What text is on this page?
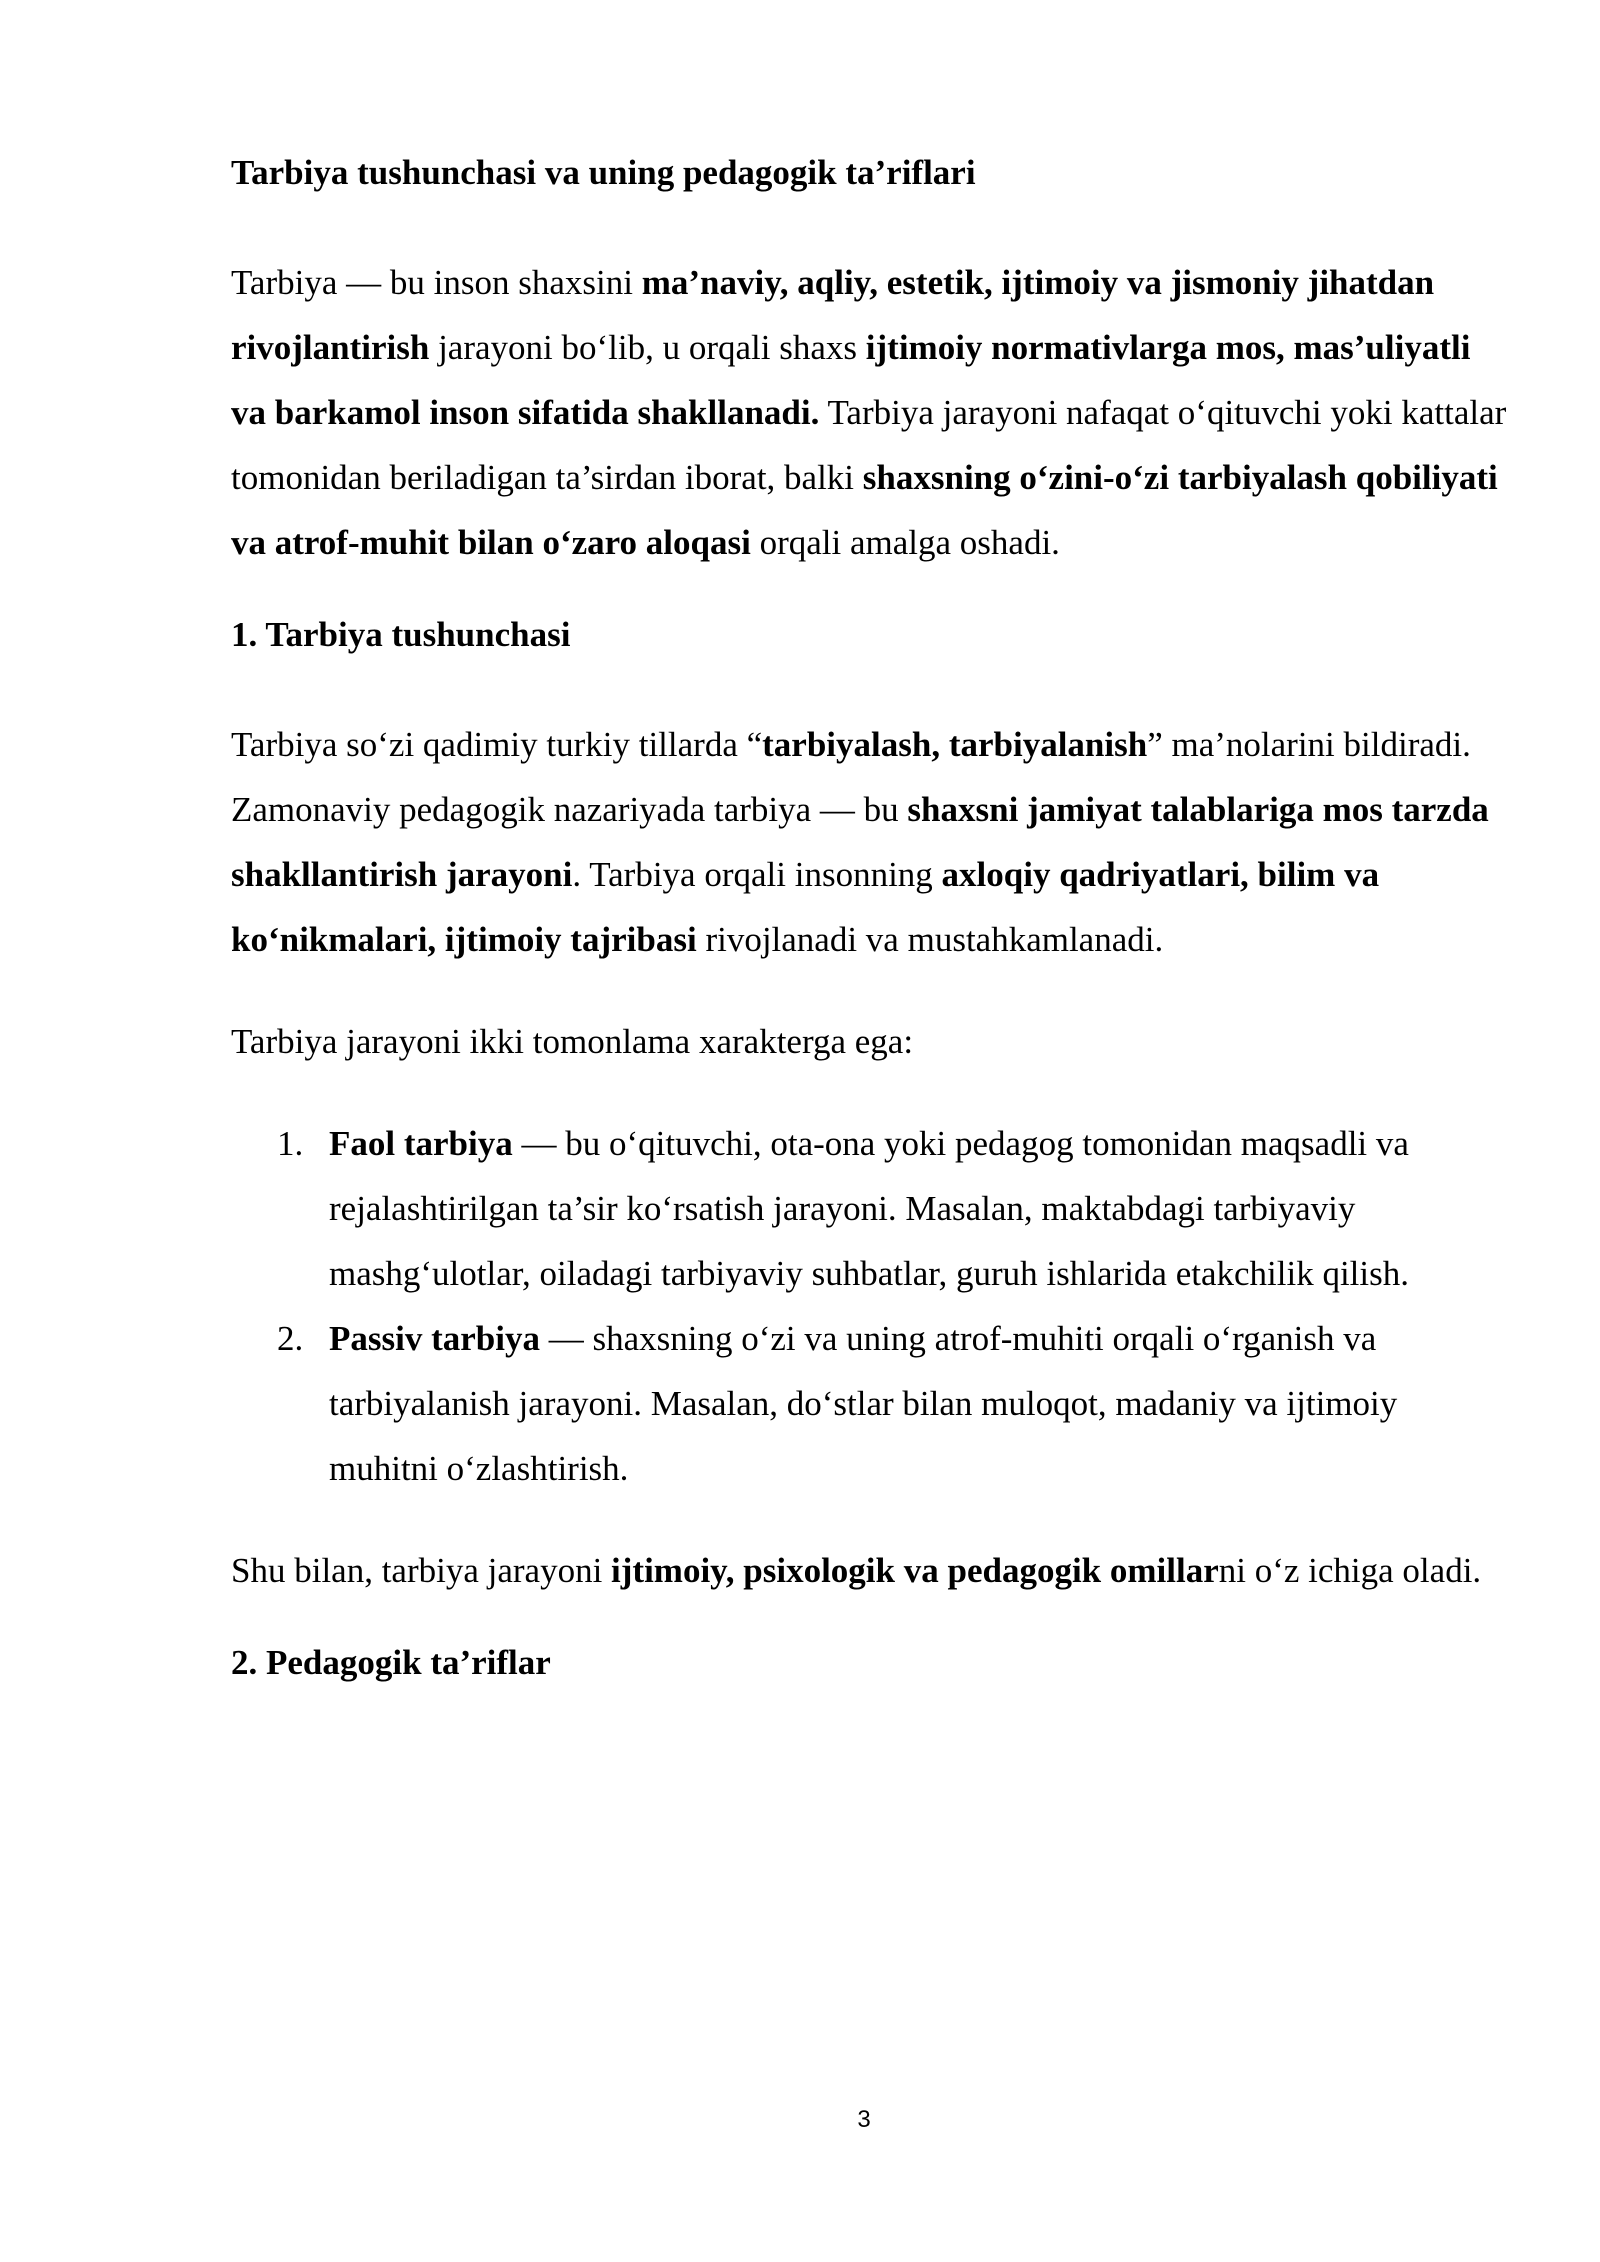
Tarbiya tushunchasi va uning pedagogik ta’riflari

Tarbiya — bu inson shaxsini ma’naviy, aqliy, estetik, ijtimoiy va jismoniy jihatdan rivojlantirish jarayoni bo‘lib, u orqali shaxs ijtimoiy normativlarga mos, mas’uliyatli va barkamol inson sifatida shakllanadi. Tarbiya jarayoni nafaqat o‘qituvchi yoki kattalar tomonidan beriladigan ta’sirdan iborat, balki shaxsning o‘zini-o‘zi tarbiyalash qobiliyati va atrof-muhit bilan o‘zaro aloqasi orqali amalga oshadi.

1. Tarbiya tushunchasi

Tarbiya so‘zi qadimiy turkiy tillarda “tarbiyalash, tarbiyalanish” ma’nolarini bildiradi. Zamonaviy pedagogik nazariyada tarbiya — bu shaxsni jamiyat talablariga mos tarzda shakllantirish jarayoni. Tarbiya orqali insonning axloqiy qadriyatlari, bilim va ko‘nikmalari, ijtimoiy tajribasi rivojlanadi va mustahkamlanadi.

Tarbiya jarayoni ikki tomonlama xarakterga ega:

1. Faol tarbiya — bu o‘qituvchi, ota-ona yoki pedagog tomonidan maqsadli va rejalashtirilgan ta’sir ko‘rsatish jarayoni. Masalan, maktabdagi tarbiyaviy mashg‘ulotlar, oiladagi tarbiyaviy suhbatlar, guruh ishlarida etakchilik qilish.
2. Passiv tarbiya — shaxsning o‘zi va uning atrof-muhiti orqali o‘rganish va tarbiyalanish jarayoni. Masalan, do‘stlar bilan muloqot, madaniy va ijtimoiy muhitni o‘zlashtirish.

Shu bilan, tarbiya jarayoni ijtimoiy, psixologik va pedagogik omillarni o‘z ichiga oladi.

2. Pedagogik ta’riflar

3
